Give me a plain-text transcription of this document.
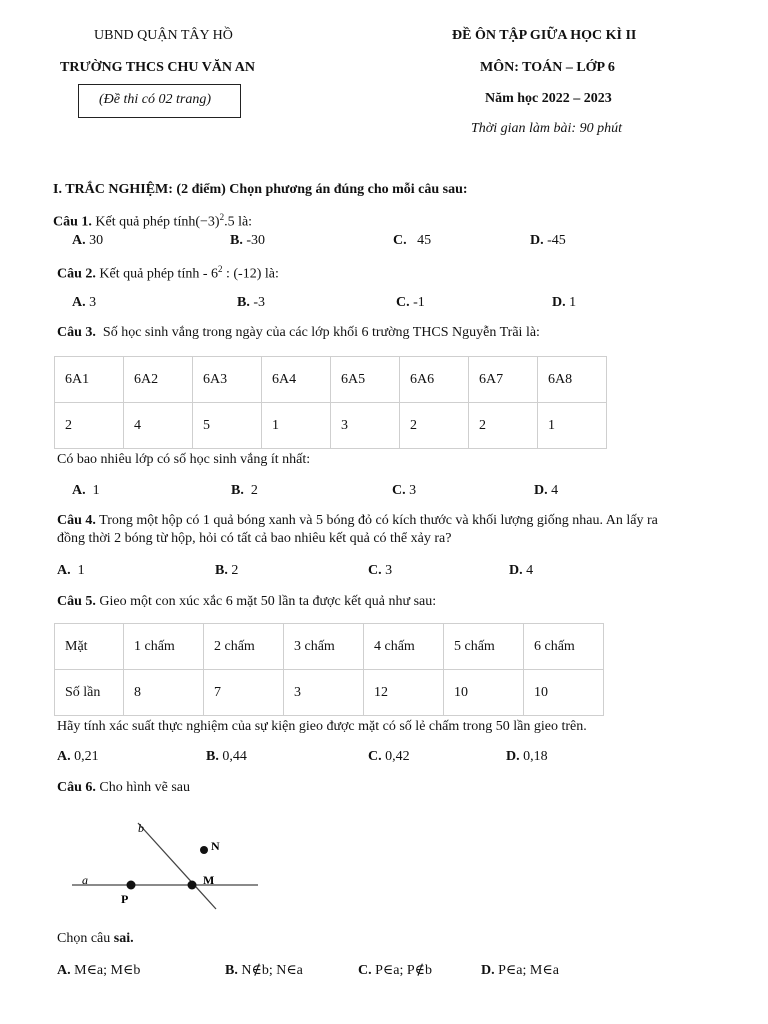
UBND QUẬN TÂY HỒ
TRƯỜNG THCS CHU VĂN AN
(Đề thi có 02 trang)
ĐỀ ÔN TẬP GIỮA HỌC KÌ II
MÔN: TOÁN – LỚP 6
Năm học 2022 – 2023
Thời gian làm bài: 90 phút
I. TRẮC NGHIỆM: (2 điểm) Chọn phương án đúng cho mỗi câu sau:
Câu 1. Kết quả phép $tính(-3)^2.5$ là:
A. 30	B. -30	C. 45	D. -45
Câu 2. Kết quả phép tính - $6^2$ : (-12) là:
A. 3	B. -3	C. -1	D. 1
Câu 3. Số học sinh vắng trong ngày của các lớp khối 6 trường THCS Nguyễn Trãi là:
6A1	6A2	6A3	6A4	6A5	6A6	6A7	6A8
2	4	5	1	3	2	2	1
Có bao nhiêu lớp có số học sinh vắng ít nhất:
A. 1	B. 2	C. 3	D. 4
Câu 4. Trong một hộp có 1 quả bóng xanh và 5 bóng đỏ có kích thước và khối lượng giống nhau. An lấy ra
đồng thời 2 bóng từ hộp, hỏi có tất cả bao nhiêu kết quả có thể xảy ra?
A. 1	B. 2	C. 3	D. 4
Câu 5. Gieo một con xúc xắc 6 mặt 50 lần ta được kết quả như sau:
Mặt	1 chấm	2 chấm	3 chấm	4 chấm	5 chấm	6 chấm
Số lần	8	7	3	12	10	10
Hãy tính xác suất thực nghiệm của sự kiện gieo được mặt có số lẻ chấm trong 50 lần gieo trên.
A. 0,21	B. 0,44	C. 0,42	D. 0,18
Câu 6. Cho hình vẽ sau
b
N
a	M
P
Chọn câu sai.
A. M∈a; M∈b	B. N∉b; N∈a	C. P∈a; P∉b	D. P∈a; M∈a
